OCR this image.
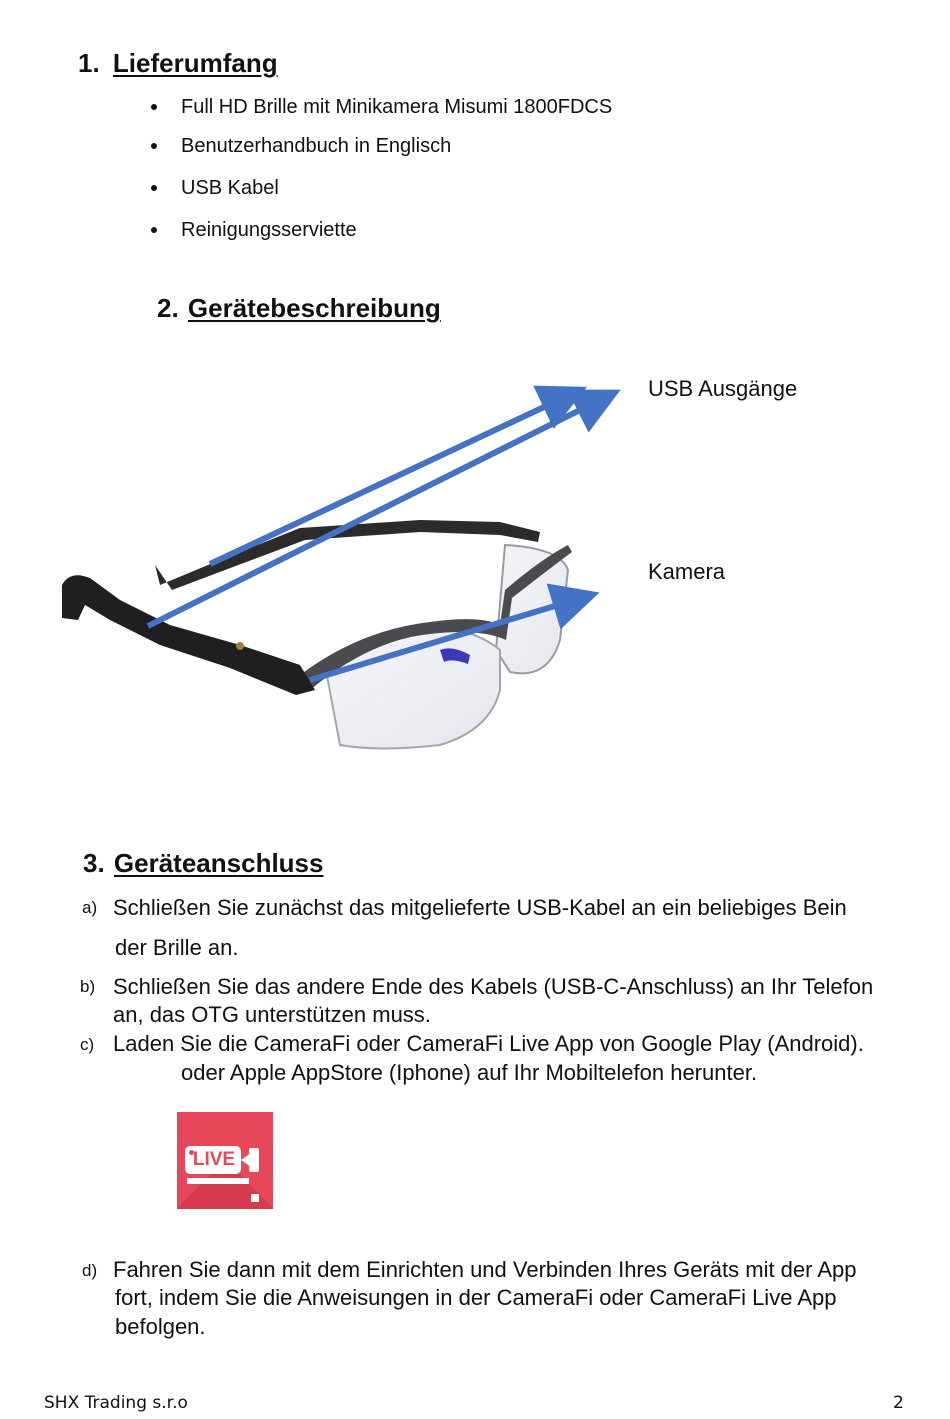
1. Lieferumfang
Full HD Brille mit Minikamera Misumi 1800FDCS
Benutzerhandbuch in Englisch
USB Kabel
Reinigungsserviette
2. Gerätebeschreibung
USB Ausgänge
Kamera
3. Geräteanschluss
a) Schließen Sie zunächst das mitgelieferte USB-Kabel an ein beliebiges Bein
der Brille an.
b) Schließen Sie das andere Ende des Kabels (USB-C-Anschluss) an Ihr Telefon
an, das OTG unterstützen muss.
c) Laden Sie die CameraFi oder CameraFi Live App von Google Play (Android).
oder Apple AppStore (Iphone) auf Ihr Mobiltelefon herunter.
LIVE
d) Fahren Sie dann mit dem Einrichten und Verbinden Ihres Geräts mit der App
fort, indem Sie die Anweisungen in der CameraFi oder CameraFi Live App
befolgen.
SHX Trading s.r.o	2
